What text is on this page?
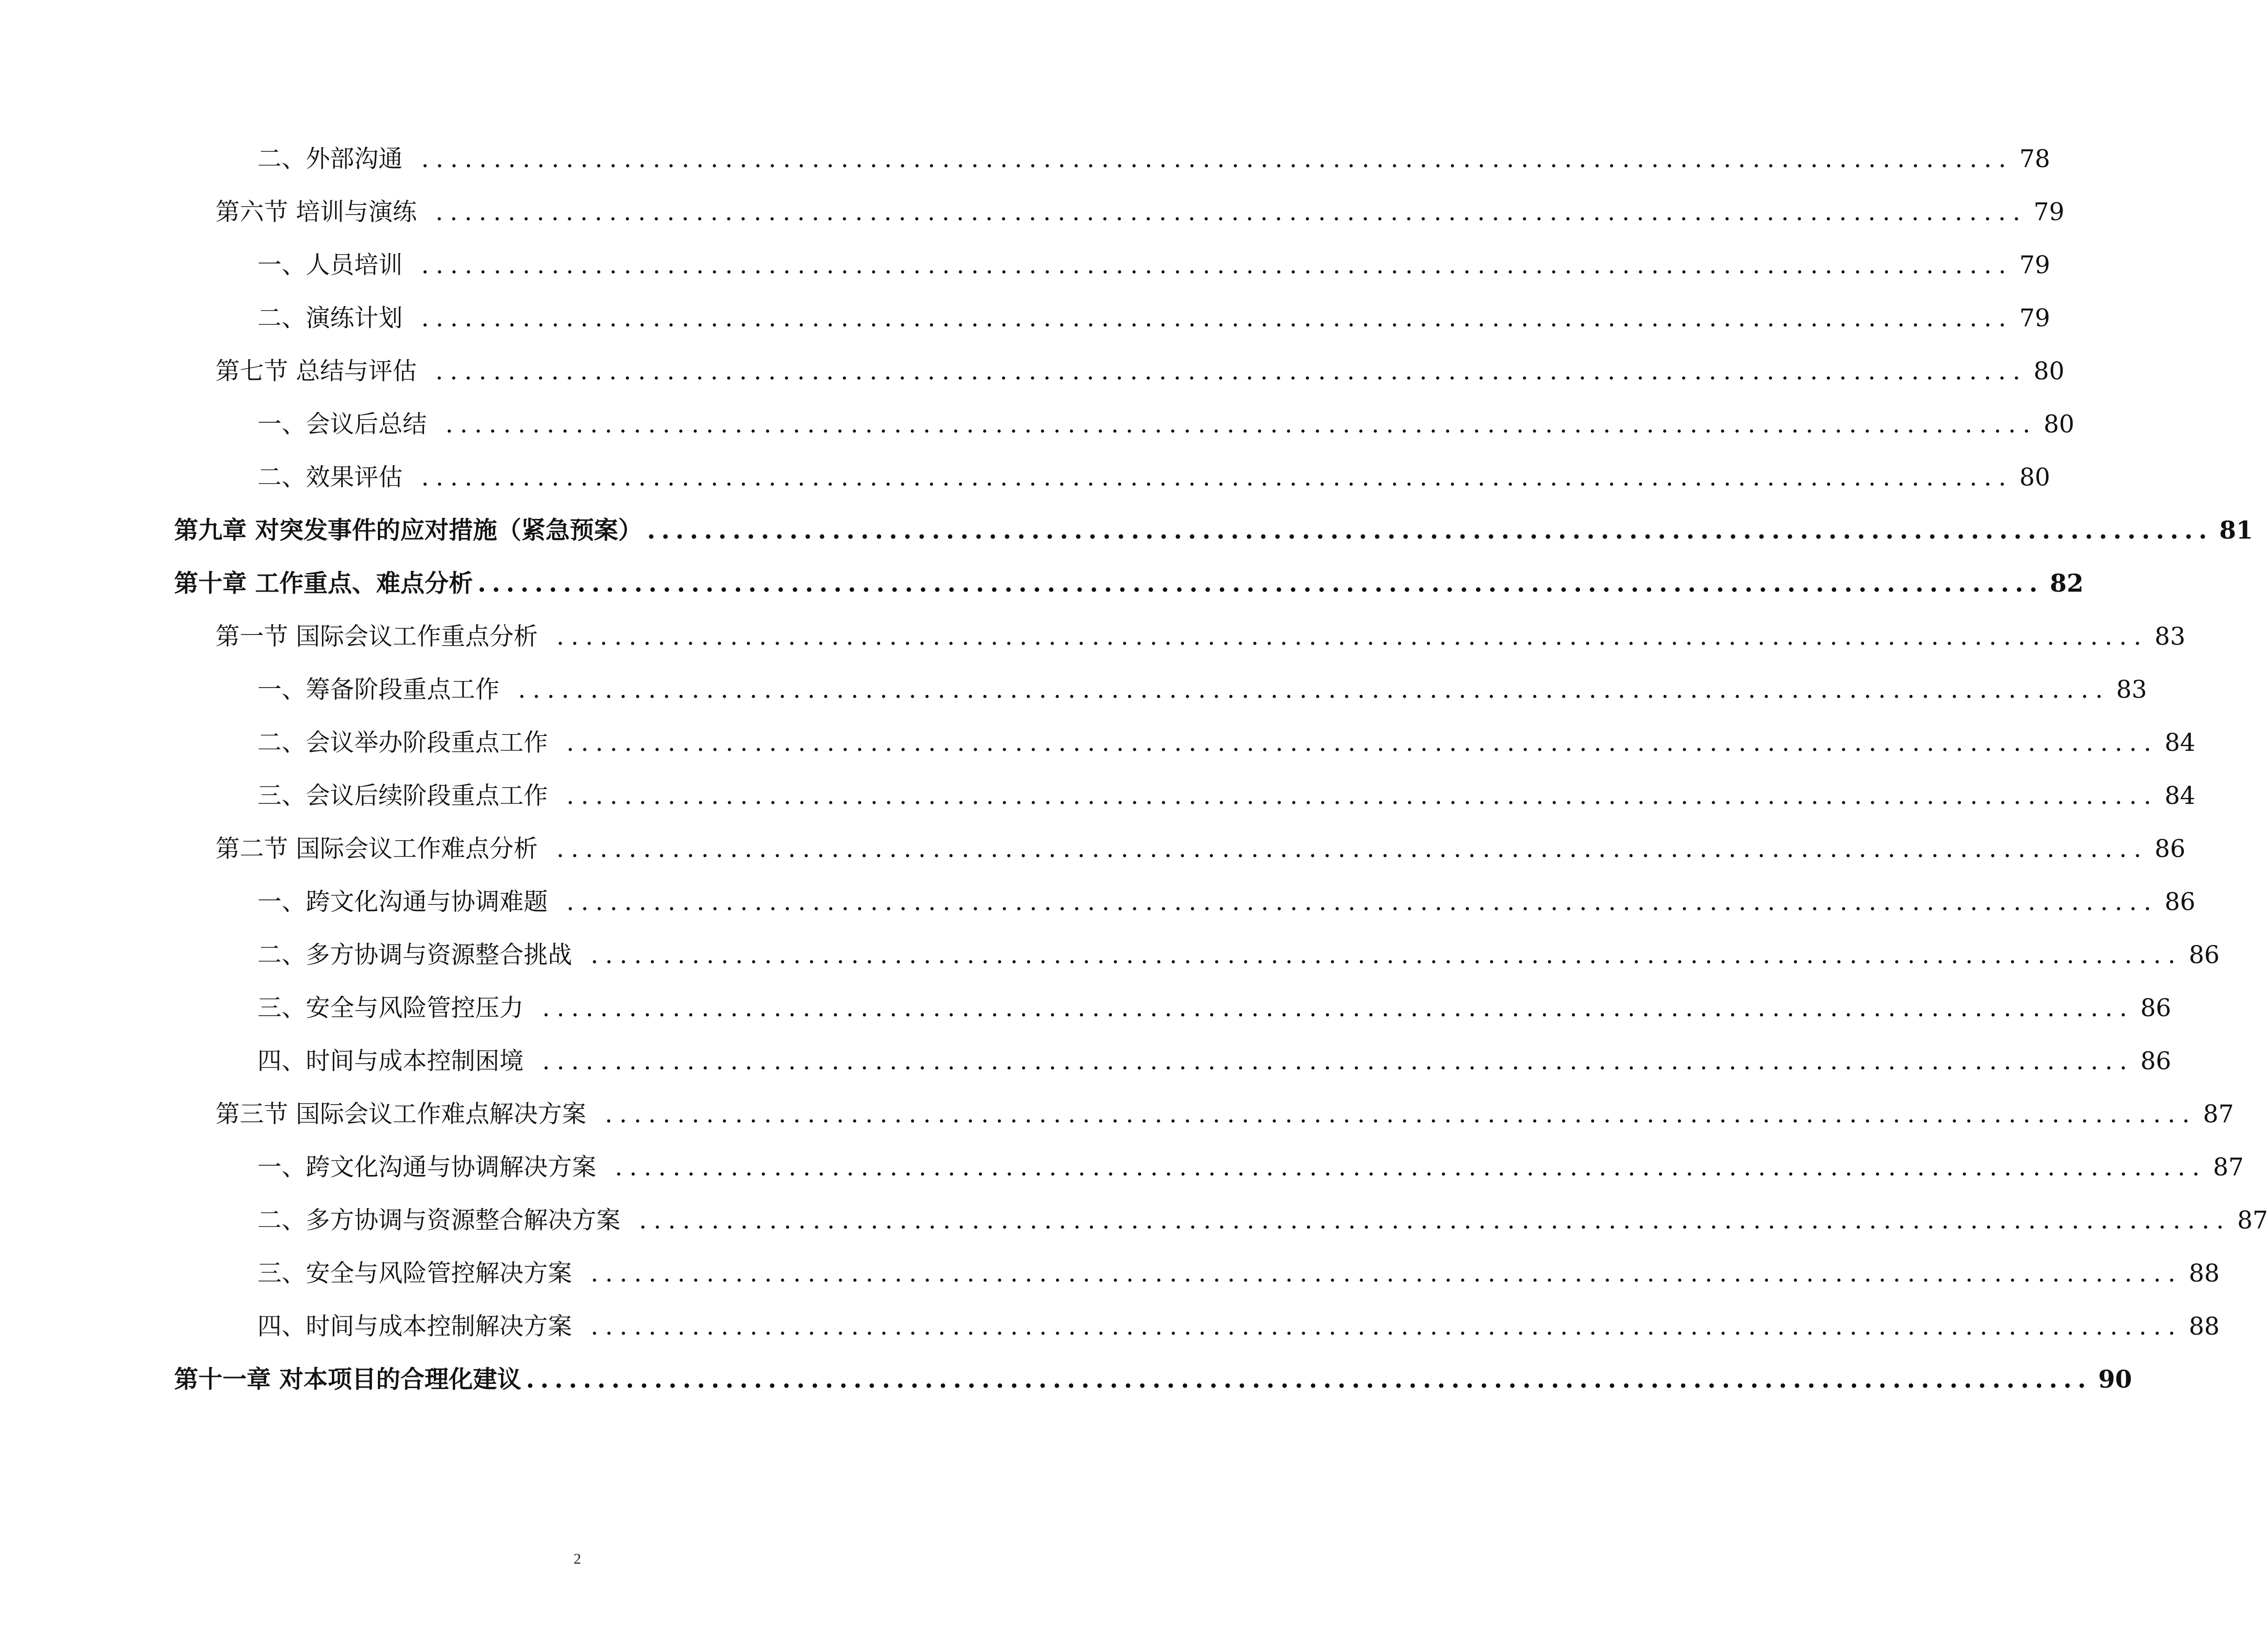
二、外部沟通 .............................................................................................................. 78
第六节 培训与演练 .............................................................................................................. 79
一、人员培训 .............................................................................................................. 79
二、演练计划 .............................................................................................................. 79
第七节 总结与评估 .............................................................................................................. 80
一、会议后总结 .............................................................................................................. 80
二、效果评估 .............................................................................................................. 80
第九章 对突发事件的应对措施（紧急预案） .............................................................................................................. 81
第十章 工作重点、难点分析 .............................................................................................................. 82
第一节 国际会议工作重点分析 .............................................................................................................. 83
一、筹备阶段重点工作 .............................................................................................................. 83
二、会议举办阶段重点工作 .............................................................................................................. 84
三、会议后续阶段重点工作 .............................................................................................................. 84
第二节 国际会议工作难点分析 .............................................................................................................. 86
一、跨文化沟通与协调难题 .............................................................................................................. 86
二、多方协调与资源整合挑战 .............................................................................................................. 86
三、安全与风险管控压力 .............................................................................................................. 86
四、时间与成本控制困境 .............................................................................................................. 86
第三节 国际会议工作难点解决方案 .............................................................................................................. 87
一、跨文化沟通与协调解决方案 .............................................................................................................. 87
二、多方协调与资源整合解决方案 .............................................................................................................. 87
三、安全与风险管控解决方案 .............................................................................................................. 88
四、时间与成本控制解决方案 .............................................................................................................. 88
第十一章 对本项目的合理化建议 .............................................................................................................. 90
2
